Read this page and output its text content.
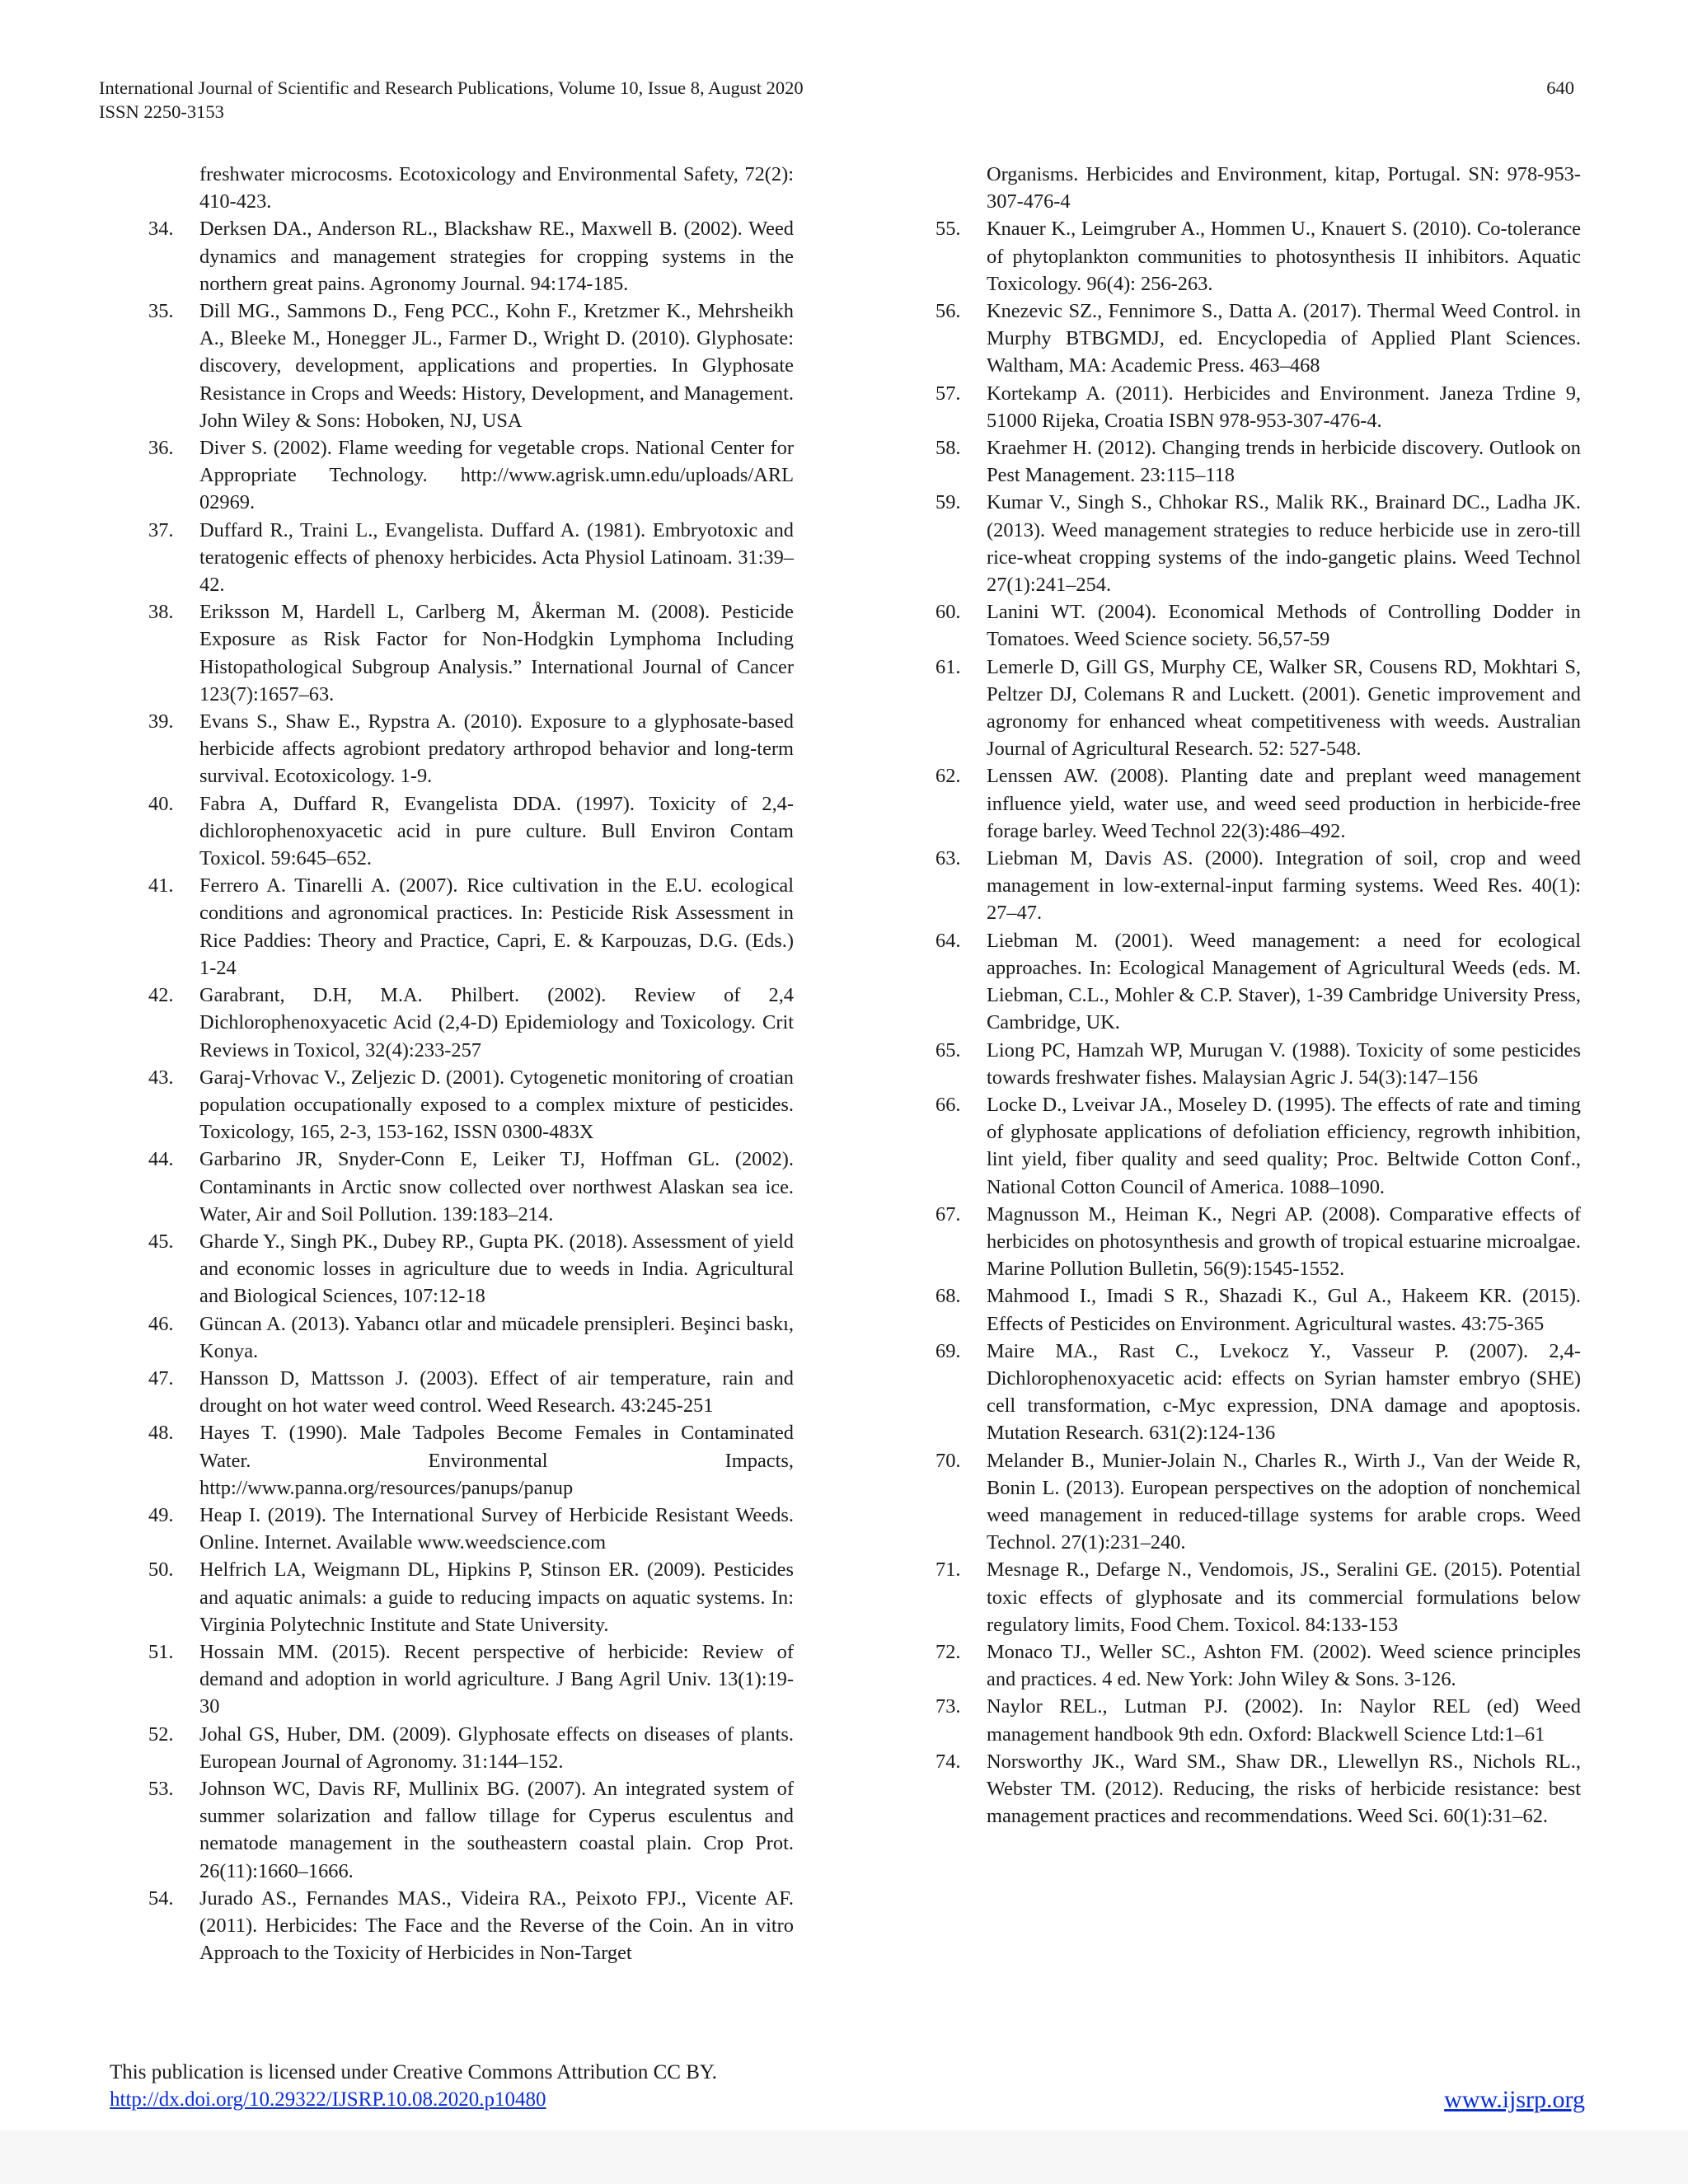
International Journal of Scientific and Research Publications, Volume 10, Issue 8, August 2020
ISSN 2250-3153
640
freshwater microcosms. Ecotoxicology and Environmental Safety, 72(2): 410-423.
34. Derksen DA., Anderson RL., Blackshaw RE., Maxwell B. (2002). Weed dynamics and management strategies for cropping systems in the northern great pains. Agronomy Journal. 94:174-185.
35. Dill MG., Sammons D., Feng PCC., Kohn F., Kretzmer K., Mehrsheikh A., Bleeke M., Honegger JL., Farmer D., Wright D. (2010). Glyphosate: discovery, development, applications and properties. In Glyphosate Resistance in Crops and Weeds: History, Development, and Management. John Wiley & Sons: Hoboken, NJ, USA
36. Diver S. (2002). Flame weeding for vegetable crops. National Center for Appropriate Technology. http://www.agrisk.umn.edu/uploads/ARL 02969.
37. Duffard R., Traini L., Evangelista. Duffard A. (1981). Embryotoxic and teratogenic effects of phenoxy herbicides. Acta Physiol Latinoam. 31:39–42.
38. Eriksson M, Hardell L, Carlberg M, Åkerman M. (2008). Pesticide Exposure as Risk Factor for Non-Hodgkin Lymphoma Including Histopathological Subgroup Analysis.” International Journal of Cancer 123(7):1657–63.
39. Evans S., Shaw E., Rypstra A. (2010). Exposure to a glyphosate-based herbicide affects agrobiont predatory arthropod behavior and long-term survival. Ecotoxicology. 1-9.
40. Fabra A, Duffard R, Evangelista DDA. (1997). Toxicity of 2,4-dichlorophenoxyacetic acid in pure culture. Bull Environ Contam Toxicol. 59:645–652.
41. Ferrero A. Tinarelli A. (2007). Rice cultivation in the E.U. ecological conditions and agronomical practices. In: Pesticide Risk Assessment in Rice Paddies: Theory and Practice, Capri, E. & Karpouzas, D.G. (Eds.) 1-24
42. Garabrant, D.H, M.A. Philbert. (2002). Review of 2,4 Dichlorophenoxyacetic Acid (2,4-D) Epidemiology and Toxicology. Crit Reviews in Toxicol, 32(4):233-257
43. Garaj-Vrhovac V., Zeljezic D. (2001). Cytogenetic monitoring of croatian population occupationally exposed to a complex mixture of pesticides. Toxicology, 165, 2-3, 153-162, ISSN 0300-483X
44. Garbarino JR, Snyder-Conn E, Leiker TJ, Hoffman GL. (2002). Contaminants in Arctic snow collected over northwest Alaskan sea ice. Water, Air and Soil Pollution. 139:183–214.
45. Gharde Y., Singh PK., Dubey RP., Gupta PK. (2018). Assessment of yield and economic losses in agriculture due to weeds in India. Agricultural and Biological Sciences, 107:12-18
46. Güncan A. (2013). Yabancı otlar and mücadele prensipleri. Beşinci baskı, Konya.
47. Hansson D, Mattsson J. (2003). Effect of air temperature, rain and drought on hot water weed control. Weed Research. 43:245-251
48. Hayes T. (1990). Male Tadpoles Become Females in Contaminated Water. Environmental Impacts, http://www.panna.org/resources/panups/panup
49. Heap I. (2019). The International Survey of Herbicide Resistant Weeds. Online. Internet. Available www.weedscience.com
50. Helfrich LA, Weigmann DL, Hipkins P, Stinson ER. (2009). Pesticides and aquatic animals: a guide to reducing impacts on aquatic systems. In: Virginia Polytechnic Institute and State University.
51. Hossain MM. (2015). Recent perspective of herbicide: Review of demand and adoption in world agriculture. J Bang Agril Univ. 13(1):19-30
52. Johal GS, Huber, DM. (2009). Glyphosate effects on diseases of plants. European Journal of Agronomy. 31:144–152.
53. Johnson WC, Davis RF, Mullinix BG. (2007). An integrated system of summer solarization and fallow tillage for Cyperus esculentus and nematode management in the southeastern coastal plain. Crop Prot. 26(11):1660–1666.
54. Jurado AS., Fernandes MAS., Videira RA., Peixoto FPJ., Vicente AF. (2011). Herbicides: The Face and the Reverse of the Coin. An in vitro Approach to the Toxicity of Herbicides in Non-Target
Organisms. Herbicides and Environment, kitap, Portugal. SN: 978-953-307-476-4
55. Knauer K., Leimgruber A., Hommen U., Knauert S. (2010). Co-tolerance of phytoplankton communities to photosynthesis II inhibitors. Aquatic Toxicology. 96(4): 256-263.
56. Knezevic SZ., Fennimore S., Datta A. (2017). Thermal Weed Control. in Murphy BTBGMDJ, ed. Encyclopedia of Applied Plant Sciences. Waltham, MA: Academic Press. 463–468
57. Kortekamp A. (2011). Herbicides and Environment. Janeza Trdine 9, 51000 Rijeka, Croatia ISBN 978-953-307-476-4.
58. Kraehmer H. (2012). Changing trends in herbicide discovery. Outlook on Pest Management. 23:115–118
59. Kumar V., Singh S., Chhokar RS., Malik RK., Brainard DC., Ladha JK. (2013). Weed management strategies to reduce herbicide use in zero-till rice-wheat cropping systems of the indo-gangetic plains. Weed Technol 27(1):241–254.
60. Lanini WT. (2004). Economical Methods of Controlling Dodder in Tomatoes. Weed Science society. 56,57-59
61. Lemerle D, Gill GS, Murphy CE, Walker SR, Cousens RD, Mokhtari S, Peltzer DJ, Colemans R and Luckett. (2001). Genetic improvement and agronomy for enhanced wheat competitiveness with weeds. Australian Journal of Agricultural Research. 52: 527-548.
62. Lenssen AW. (2008). Planting date and preplant weed management influence yield, water use, and weed seed production in herbicide-free forage barley. Weed Technol 22(3):486–492.
63. Liebman M, Davis AS. (2000). Integration of soil, crop and weed management in low-external-input farming systems. Weed Res. 40(1): 27–47.
64. Liebman M. (2001). Weed management: a need for ecological approaches. In: Ecological Management of Agricultural Weeds (eds. M. Liebman, C.L., Mohler & C.P. Staver), 1-39 Cambridge University Press, Cambridge, UK.
65. Liong PC, Hamzah WP, Murugan V. (1988). Toxicity of some pesticides towards freshwater fishes. Malaysian Agric J. 54(3):147–156
66. Locke D., Lveivar JA., Moseley D. (1995). The effects of rate and timing of glyphosate applications of defoliation efficiency, regrowth inhibition, lint yield, fiber quality and seed quality; Proc. Beltwide Cotton Conf., National Cotton Council of America. 1088–1090.
67. Magnusson M., Heiman K., Negri AP. (2008). Comparative effects of herbicides on photosynthesis and growth of tropical estuarine microalgae. Marine Pollution Bulletin, 56(9):1545-1552.
68. Mahmood I., Imadi S R., Shazadi K., Gul A., Hakeem KR. (2015). Effects of Pesticides on Environment. Agricultural wastes. 43:75-365
69. Maire MA., Rast C., Lvekocz Y., Vasseur P. (2007). 2,4-Dichlorophenoxyacetic acid: effects on Syrian hamster embryo (SHE) cell transformation, c-Myc expression, DNA damage and apoptosis. Mutation Research. 631(2):124-136
70. Melander B., Munier-Jolain N., Charles R., Wirth J., Van der Weide R, Bonin L. (2013). European perspectives on the adoption of nonchemical weed management in reduced-tillage systems for arable crops. Weed Technol. 27(1):231–240.
71. Mesnage R., Defarge N., Vendomois, JS., Seralini GE. (2015). Potential toxic effects of glyphosate and its commercial formulations below regulatory limits, Food Chem. Toxicol. 84:133-153
72. Monaco TJ., Weller SC., Ashton FM. (2002). Weed science principles and practices. 4 ed. New York: John Wiley & Sons. 3-126.
73. Naylor REL., Lutman PJ. (2002). In: Naylor REL (ed) Weed management handbook 9th edn. Oxford: Blackwell Science Ltd:1–61
74. Norsworthy JK., Ward SM., Shaw DR., Llewellyn RS., Nichols RL., Webster TM. (2012). Reducing, the risks of herbicide resistance: best management practices and recommendations. Weed Sci. 60(1):31–62.
This publication is licensed under Creative Commons Attribution CC BY.
http://dx.doi.org/10.29322/IJSRP.10.08.2020.p10480	www.ijsrp.org
